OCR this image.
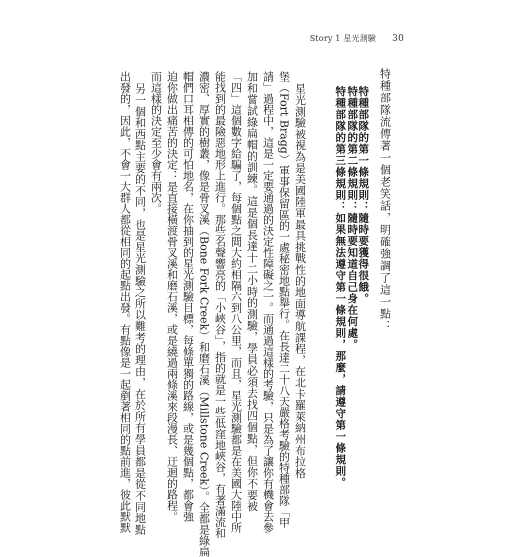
Story 1 星光測驗 30
特種部隊流傳著一個老笑話，明確強調了這一點：
特種部隊的第一條規則：隨時要獲得很餓。
特種部隊的第二條規則：隨時要知道自己身在何處。
特種部隊的第三條規則：如果無法遵守第一條規則，那麼，請遵守第一條規則。
星光測驗被視為是美國陸軍最具挑戰性的地面導航課程，在北卡羅萊納州布拉格
堡（Fort Bragg）軍事保留區的一處秘密地點舉行。在長達二十八天嚴格考驗的特種部隊「甲
請」過程中，這是一定要通過的決定性障礙之一。而通過這樣的考驗，只是為了讓你有機會去參
加和嘗試綠扁帽的訓練。這是個長達十二小時的測驗，學員必須去找四個點，但你不要被
「四」這個數字給騙了，每個點之間大約相隔六到八公里，而且，星光測驗都是在美國大陸中所
能找到的最險惡地形上進行。那些名聲響亮的「小峽谷」，指的就是一些低窪地峽谷，有著滿流和
濃密、厚實的樹叢，像是骨叉溪（Bone Fork Creek）和磨石溪（Millstone Creek）。全都是綠扁
帽們口耳相傳的可怕地名，在你抽到的星光測驗目標，每條單獨的路線，或是幾個點，都會強
迫你做出痛苦的決定：是直接橫渡骨叉溪和磨石溪，或是繞過兩條溪來段漫長、迂迴的路程。
而這樣的決定至少會有兩次。
另一個和西點主要的不同，也是星光測驗之所以難考的理由，在於所有學員都是從不同地點
出發的，因此，不會一大群人都從相同的起點出發。有點像是一起剷著相同的點前進，彼此默默
